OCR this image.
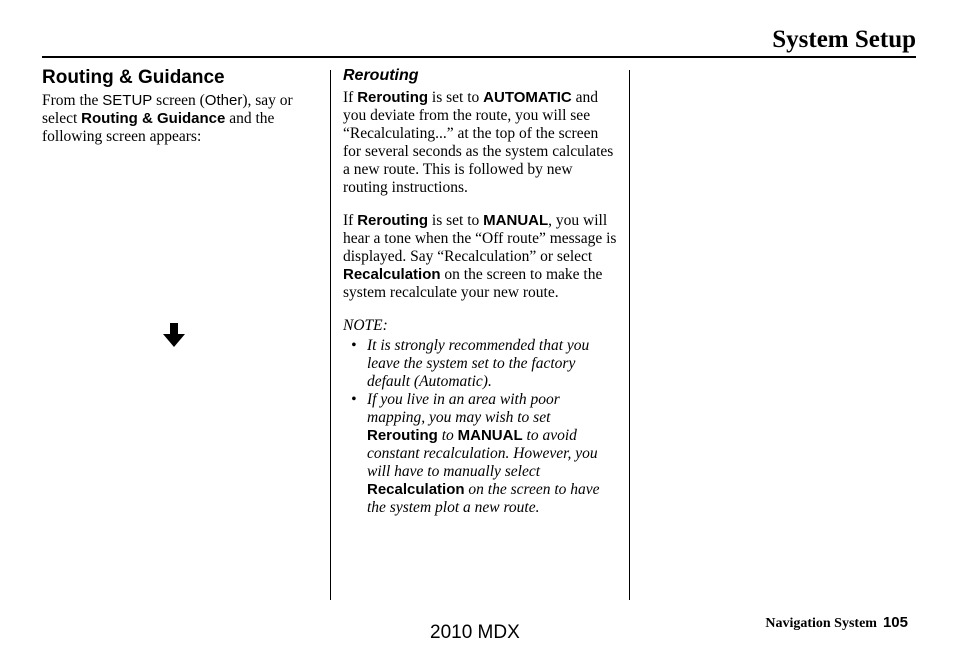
System Setup
Routing & Guidance

From the SETUP screen (Other), say or select Routing & Guidance and the following screen appears:

Rerouting

If Rerouting is set to AUTOMATIC and you deviate from the route, you will see “Recalculating...” at the top of the screen for several seconds as the system calculates a new route. This is followed by new routing instructions.

If Rerouting is set to MANUAL, you will hear a tone when the “Off route” message is displayed. Say “Recalculation” or select Recalculation on the screen to make the system recalculate your new route.

NOTE:
• It is strongly recommended that you leave the system set to the factory default (Automatic).
• If you live in an area with poor mapping, you may wish to set Rerouting to MANUAL to avoid constant recalculation. However, you will have to manually select Recalculation on the screen to have the system plot a new route.
Navigation System 105
2010 MDX
